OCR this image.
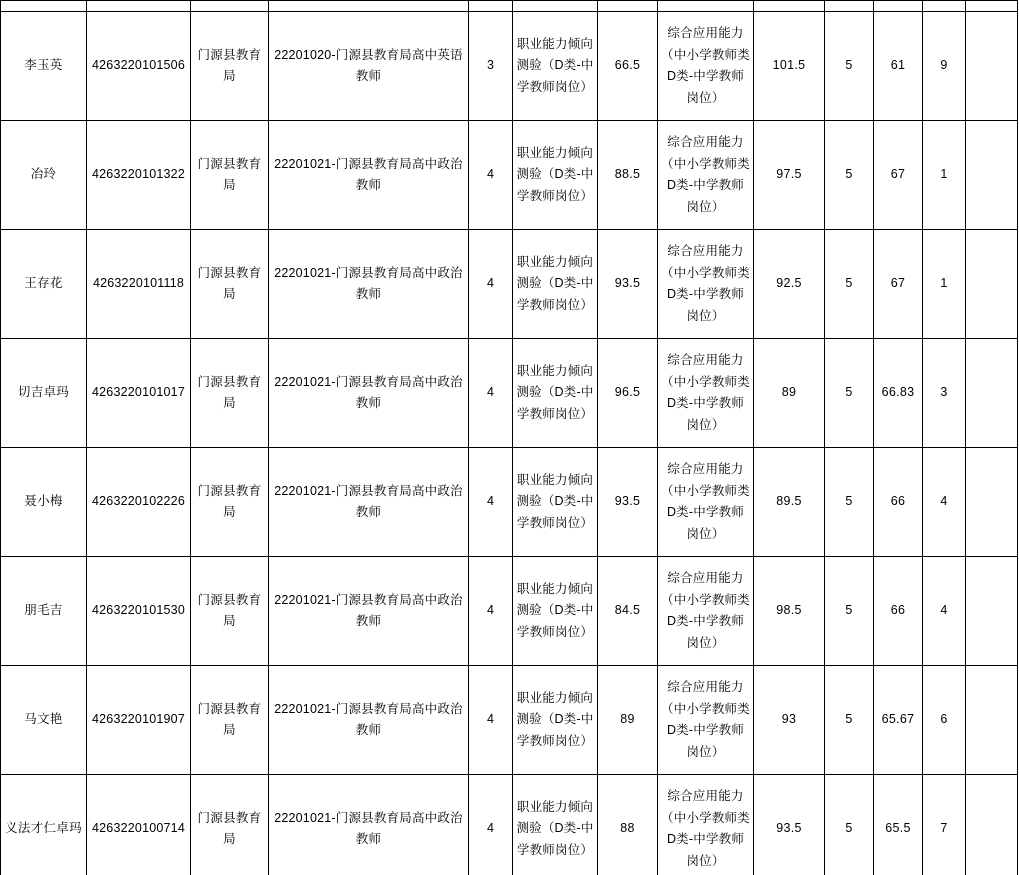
李玉英	4263220101506	门源县教育局	22201020-门源县教育局高中英语教师	3	职业能力倾向测验（D类-中学教师岗位）	66.5	综合应用能力（中小学教师类D类-中学教师岗位）	101.5	5	61	9	
冶玲	4263220101322	门源县教育局	22201021-门源县教育局高中政治教师	4	职业能力倾向测验（D类-中学教师岗位）	88.5	综合应用能力（中小学教师类D类-中学教师岗位）	97.5	5	67	1	
王存花	4263220101118	门源县教育局	22201021-门源县教育局高中政治教师	4	职业能力倾向测验（D类-中学教师岗位）	93.5	综合应用能力（中小学教师类D类-中学教师岗位）	92.5	5	67	1	
切吉卓玛	4263220101017	门源县教育局	22201021-门源县教育局高中政治教师	4	职业能力倾向测验（D类-中学教师岗位）	96.5	综合应用能力（中小学教师类D类-中学教师岗位）	89	5	66.83	3	
聂小梅	4263220102226	门源县教育局	22201021-门源县教育局高中政治教师	4	职业能力倾向测验（D类-中学教师岗位）	93.5	综合应用能力（中小学教师类D类-中学教师岗位）	89.5	5	66	4	
朋毛吉	4263220101530	门源县教育局	22201021-门源县教育局高中政治教师	4	职业能力倾向测验（D类-中学教师岗位）	84.5	综合应用能力（中小学教师类D类-中学教师岗位）	98.5	5	66	4	
马文艳	4263220101907	门源县教育局	22201021-门源县教育局高中政治教师	4	职业能力倾向测验（D类-中学教师岗位）	89	综合应用能力（中小学教师类D类-中学教师岗位）	93	5	65.67	6	
义法才仁卓玛	4263220100714	门源县教育局	22201021-门源县教育局高中政治教师	4	职业能力倾向测验（D类-中学教师岗位）	88	综合应用能力（中小学教师类D类-中学教师岗位）	93.5	5	65.5	7	
